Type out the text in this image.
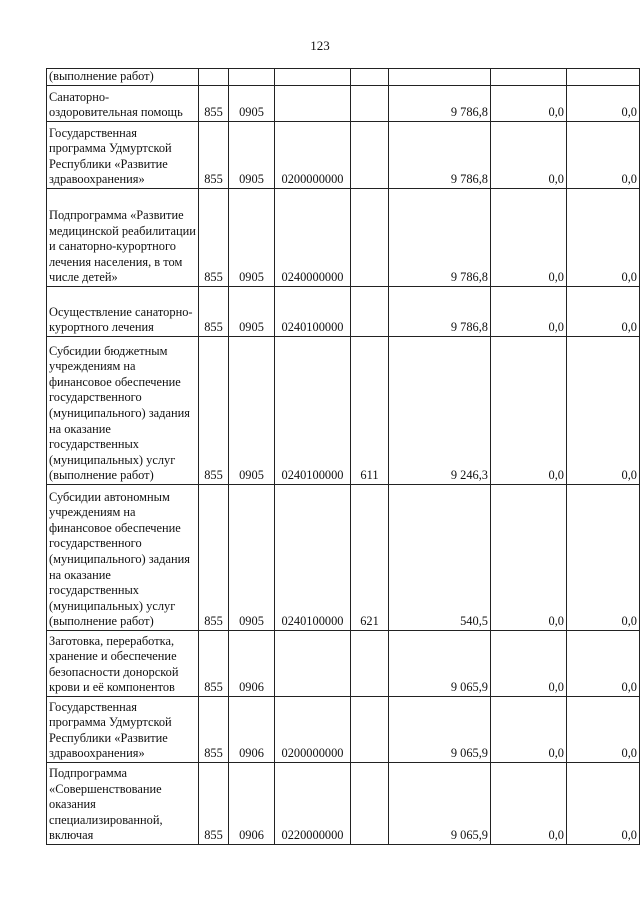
123
(выполнение работ)							
Санаторно-оздоровительная помощь	855	0905			9 786,8	0,0	0,0
Государственная программа Удмуртской Республики «Развитие здравоохранения»	855	0905	0200000000		9 786,8	0,0	0,0
Подпрограмма «Развитие медицинской реабилитации и санаторно-курортного лечения населения, в том числе детей»	855	0905	0240000000		9 786,8	0,0	0,0
Осуществление санаторно-курортного лечения	855	0905	0240100000		9 786,8	0,0	0,0
Субсидии бюджетным учреждениям на финансовое обеспечение государственного (муниципального) задания на оказание государственных (муниципальных) услуг (выполнение работ)	855	0905	0240100000	611	9 246,3	0,0	0,0
Субсидии автономным учреждениям на финансовое обеспечение государственного (муниципального) задания на оказание государственных (муниципальных) услуг (выполнение работ)	855	0905	0240100000	621	540,5	0,0	0,0
Заготовка, переработка, хранение и обеспечение безопасности донорской крови и её компонентов	855	0906			9 065,9	0,0	0,0
Государственная программа Удмуртской Республики «Развитие здравоохранения»	855	0906	0200000000		9 065,9	0,0	0,0
Подпрограмма «Совершенствование оказания специализированной, включая	855	0906	0220000000		9 065,9	0,0	0,0
